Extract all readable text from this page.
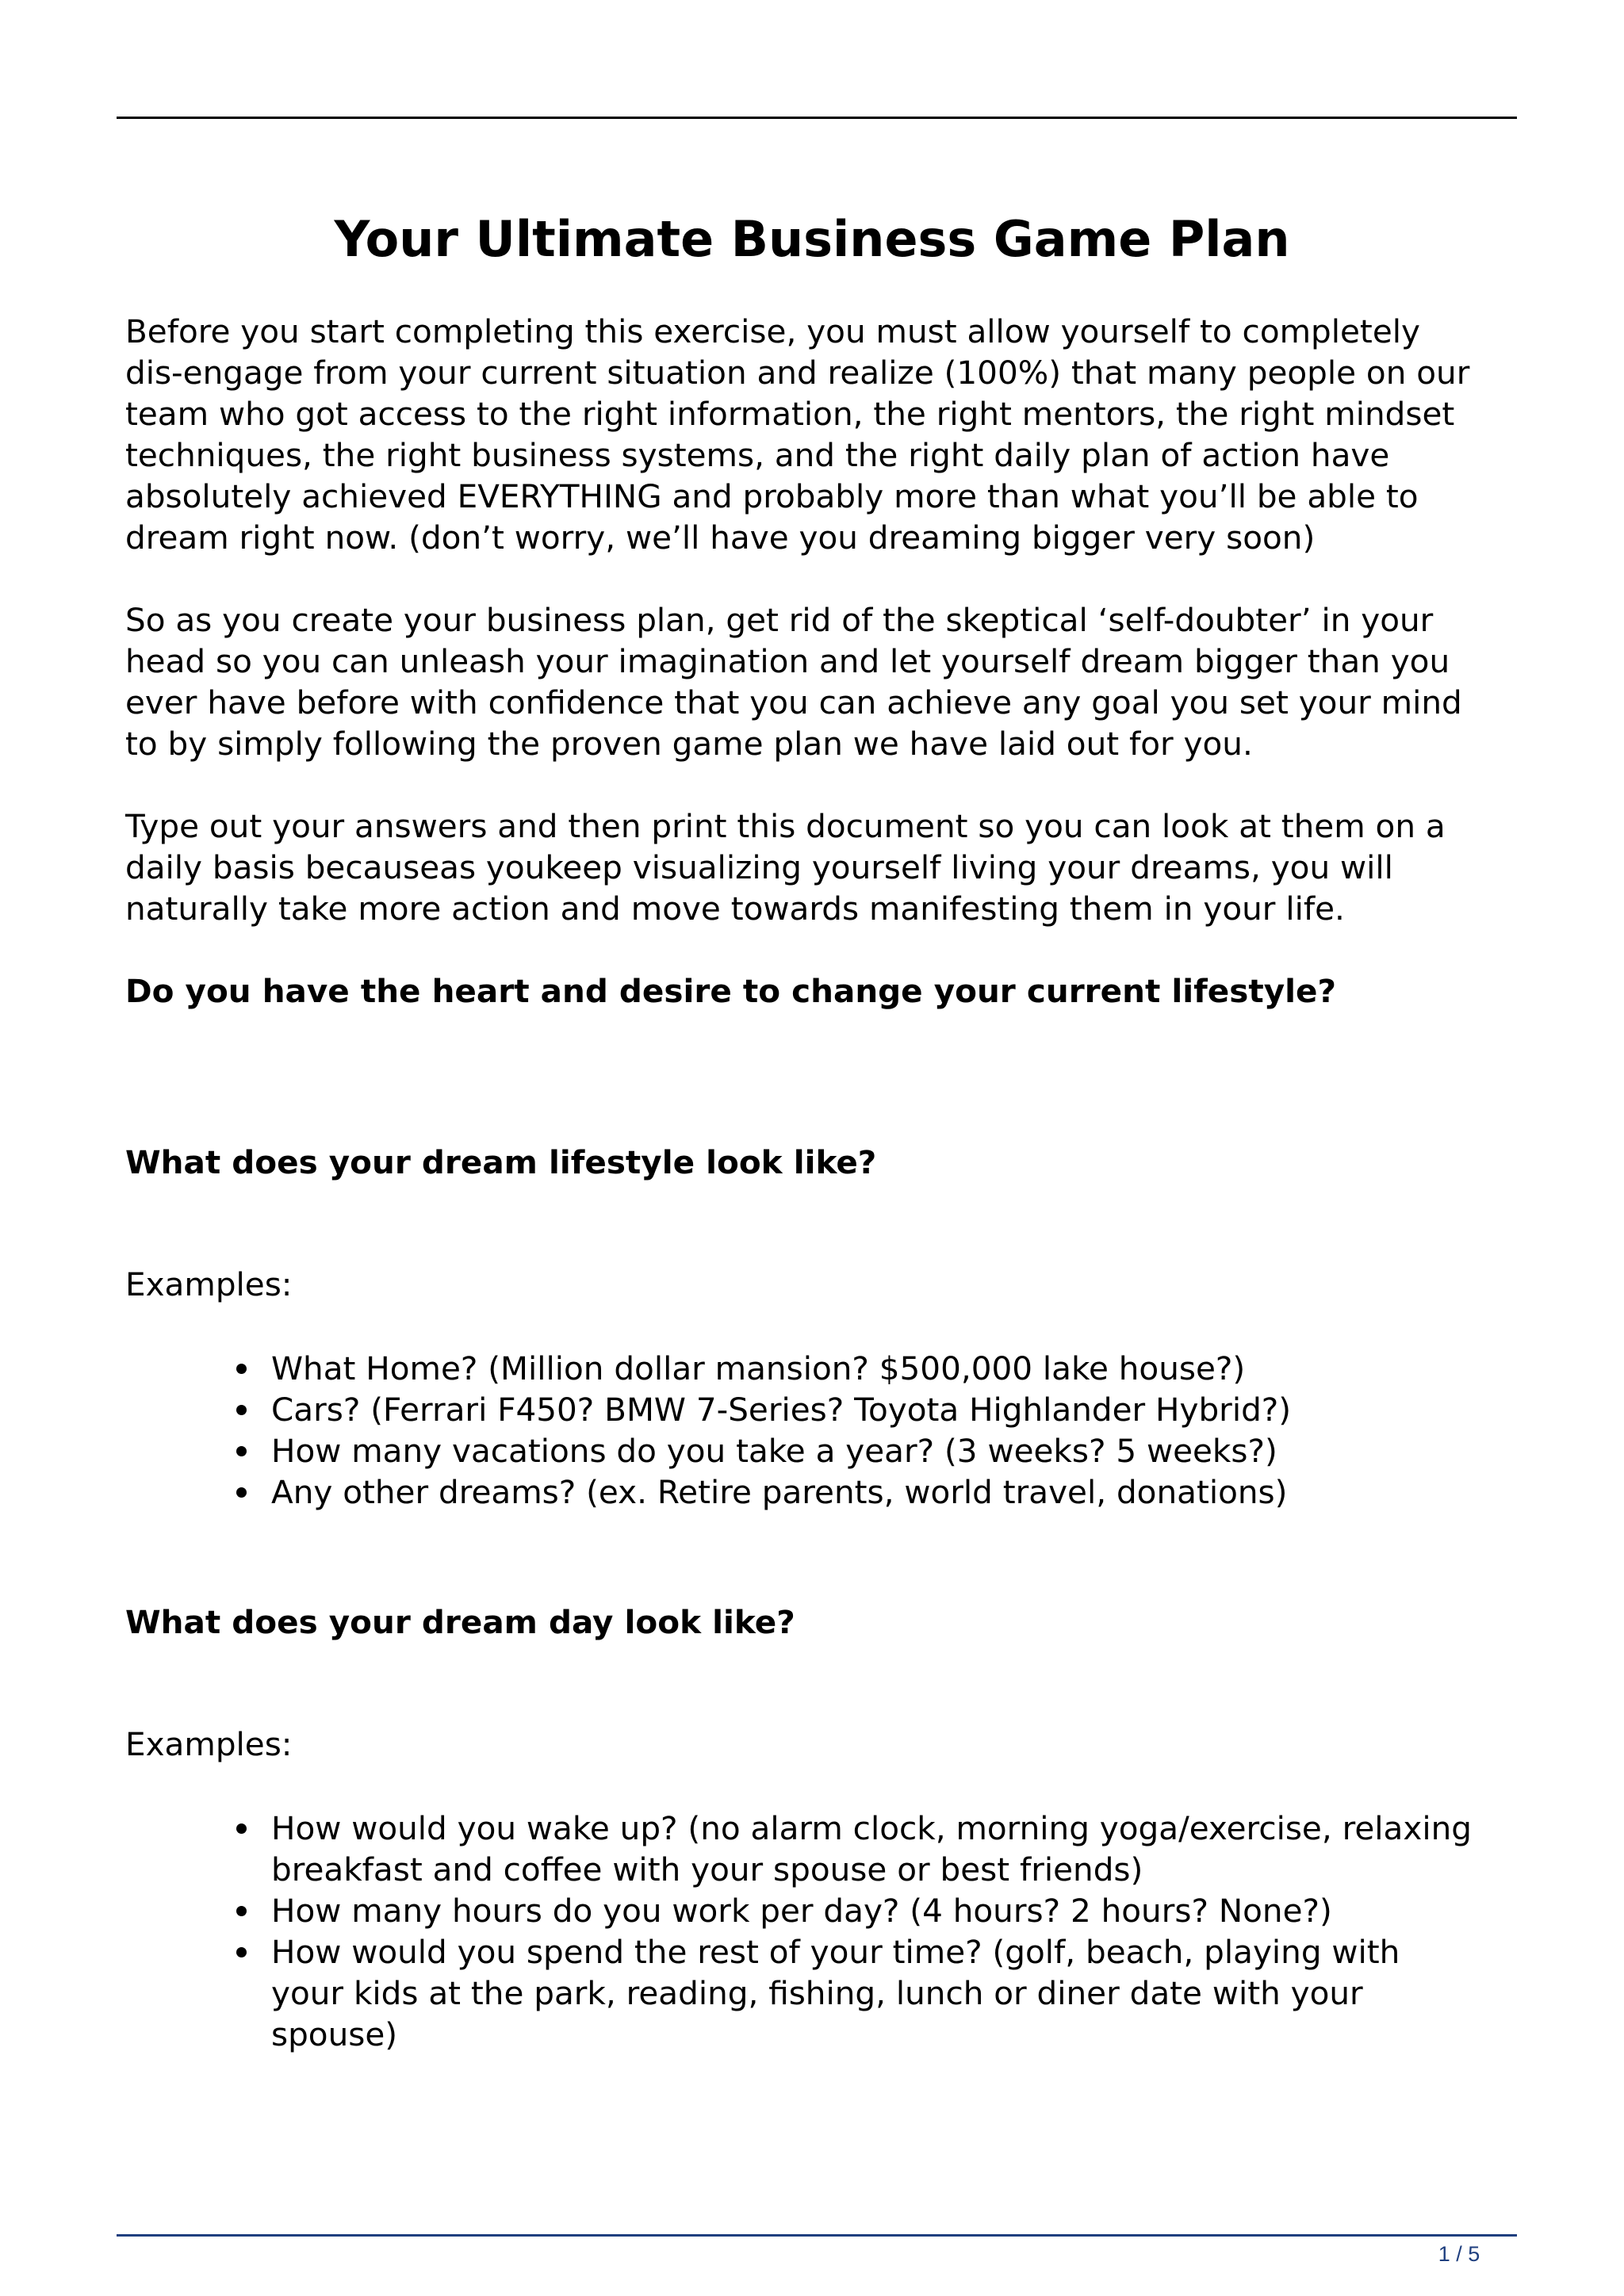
Your Ultimate Business Game Plan

Before you start completing this exercise, you must allow yourself to completely
dis-engage from your current situation and realize (100%) that many people on our
team who got access to the right information, the right mentors, the right mindset
techniques, the right business systems, and the right daily plan of action have
absolutely achieved EVERYTHING and probably more than what you’ll be able to
dream right now. (don’t worry, we’ll have you dreaming bigger very soon)

So as you create your business plan, get rid of the skeptical ‘self-doubter’ in your
head so you can unleash your imagination and let yourself dream bigger than you
ever have before with confidence that you can achieve any goal you set your mind
to by simply following the proven game plan we have laid out for you.

Type out your answers and then print this document so you can look at them on a
daily basis becauseas youkeep visualizing yourself living your dreams, you will
naturally take more action and move towards manifesting them in your life.

Do you have the heart and desire to change your current lifestyle?
What does your dream lifestyle look like?

Examples:

What Home? (Million dollar mansion? $500,000 lake house?)
Cars? (Ferrari F450? BMW 7-Series? Toyota Highlander Hybrid?)
How many vacations do you take a year? (3 weeks? 5 weeks?)
Any other dreams? (ex. Retire parents, world travel, donations)
What does your dream day look like?

Examples:

How would you wake up? (no alarm clock, morning yoga/exercise, relaxing
breakfast and coffee with your spouse or best friends)
How many hours do you work per day? (4 hours? 2 hours? None?)
How would you spend the rest of your time? (golf, beach, playing with
your kids at the park, reading, fishing, lunch or diner date with your
spouse)
1 / 5
